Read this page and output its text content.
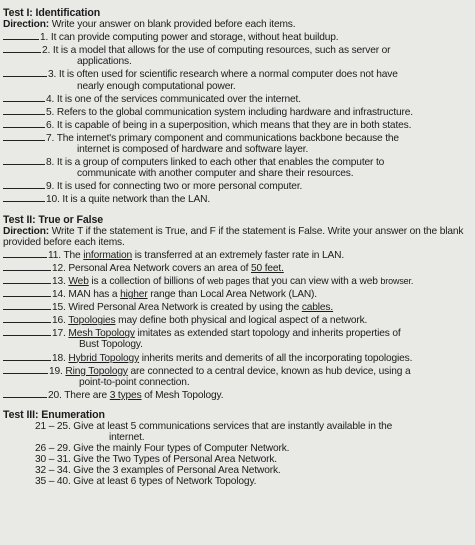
Test I: Identification
Direction: Write your answer on blank provided before each items.
1. It can provide computing power and storage, without heat buildup.
2. It is a model that allows for the use of computing resources, such as server or
applications.
3. It is often used for scientific research where a normal computer does not have
nearly enough computational power.
4. It is one of the services communicated over the internet.
5. Refers to the global communication system including hardware and infrastructure.
6. It is capable of being in a superposition, which means that they are in both states.
7. The internet's primary component and communications backbone because the
internet is composed of hardware and software layer.
8. It is a group of computers linked to each other that enables the computer to
communicate with another computer and share their resources.
9. It is used for connecting two or more personal computer.
10. It is a quite network than the LAN.
Test II: True or False
Direction: Write T if the statement is True, and F if the statement is False. Write your answer on the blank provided before each items.
11. The information is transferred at an extremely faster rate in LAN.
12. Personal Area Network covers an area of 50 feet.
13. Web is a collection of billions of web pages that you can view with a web browser.
14. MAN has a higher range than Local Area Network (LAN).
15. Wired Personal Area Network is created by using the cables.
16. Topologies may define both physical and logical aspect of a network.
17. Mesh Topology imitates as extended start topology and inherits properties of
Bust Topology.
18. Hybrid Topology inherits merits and demerits of all the incorporating topologies.
19. Ring Topology are connected to a central device, known as hub device, using a
point-to-point connection.
20. There are 3 types of Mesh Topology.
Test III: Enumeration
21 – 25. Give at least 5 communications services that are instantly available in the
internet.
26 – 29. Give the mainly Four types of Computer Network.
30 – 31. Give the Two Types of Personal Area Network.
32 – 34. Give the 3 examples of Personal Area Network.
35 – 40. Give at least 6 types of Network Topology.
